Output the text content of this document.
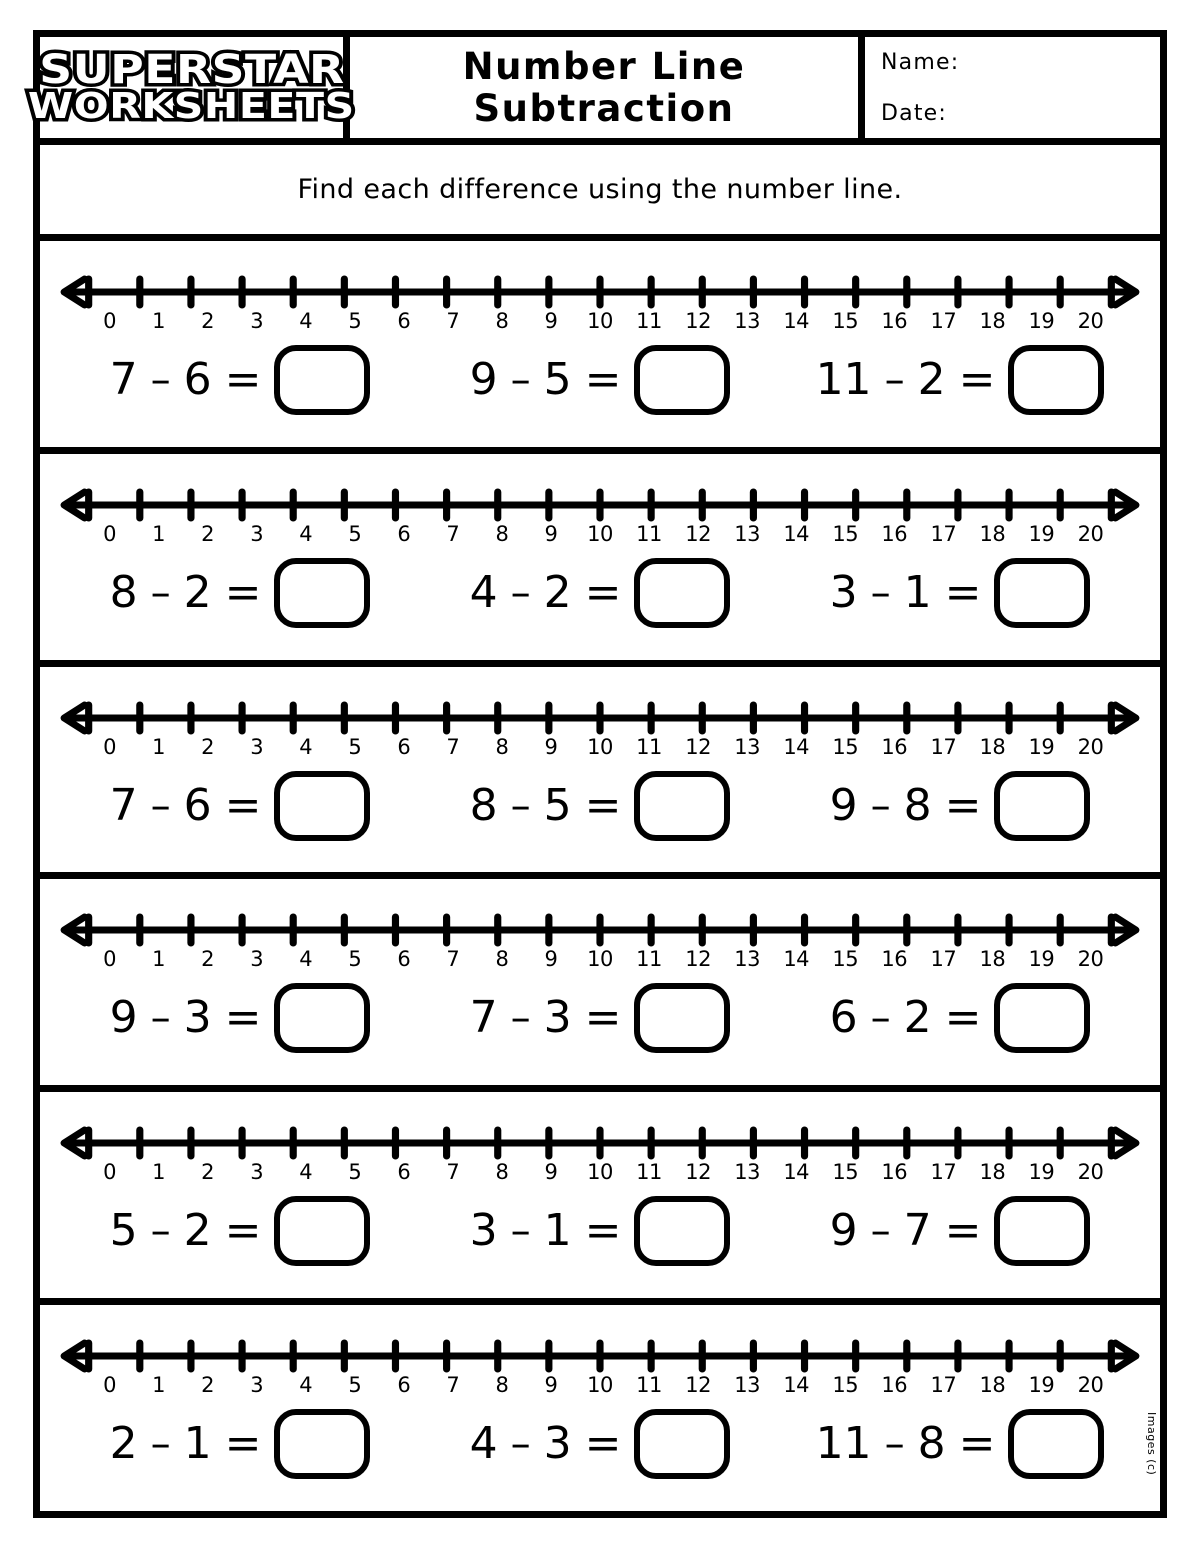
SUPERSTAR
WORKSHEETS
Number Line
Subtraction
Name:
Date:
Find each difference using the number line.
0	1	2	3	4	5	6	7	8	9	10	11	12	13	14	15	16	17	18	19	20
7 – 6 =	9 – 5 =	11 – 2 =
0	1	2	3	4	5	6	7	8	9	10	11	12	13	14	15	16	17	18	19	20
8 – 2 =	4 – 2 =	3 – 1 =
0	1	2	3	4	5	6	7	8	9	10	11	12	13	14	15	16	17	18	19	20
7 – 6 =	8 – 5 =	9 – 8 =
0	1	2	3	4	5	6	7	8	9	10	11	12	13	14	15	16	17	18	19	20
9 – 3 =	7 – 3 =	6 – 2 =
0	1	2	3	4	5	6	7	8	9	10	11	12	13	14	15	16	17	18	19	20
5 – 2 =	3 – 1 =	9 – 7 =
0	1	2	3	4	5	6	7	8	9	10	11	12	13	14	15	16	17	18	19	20
2 – 1 =	4 – 3 =	11 – 8 =	Images (c)
